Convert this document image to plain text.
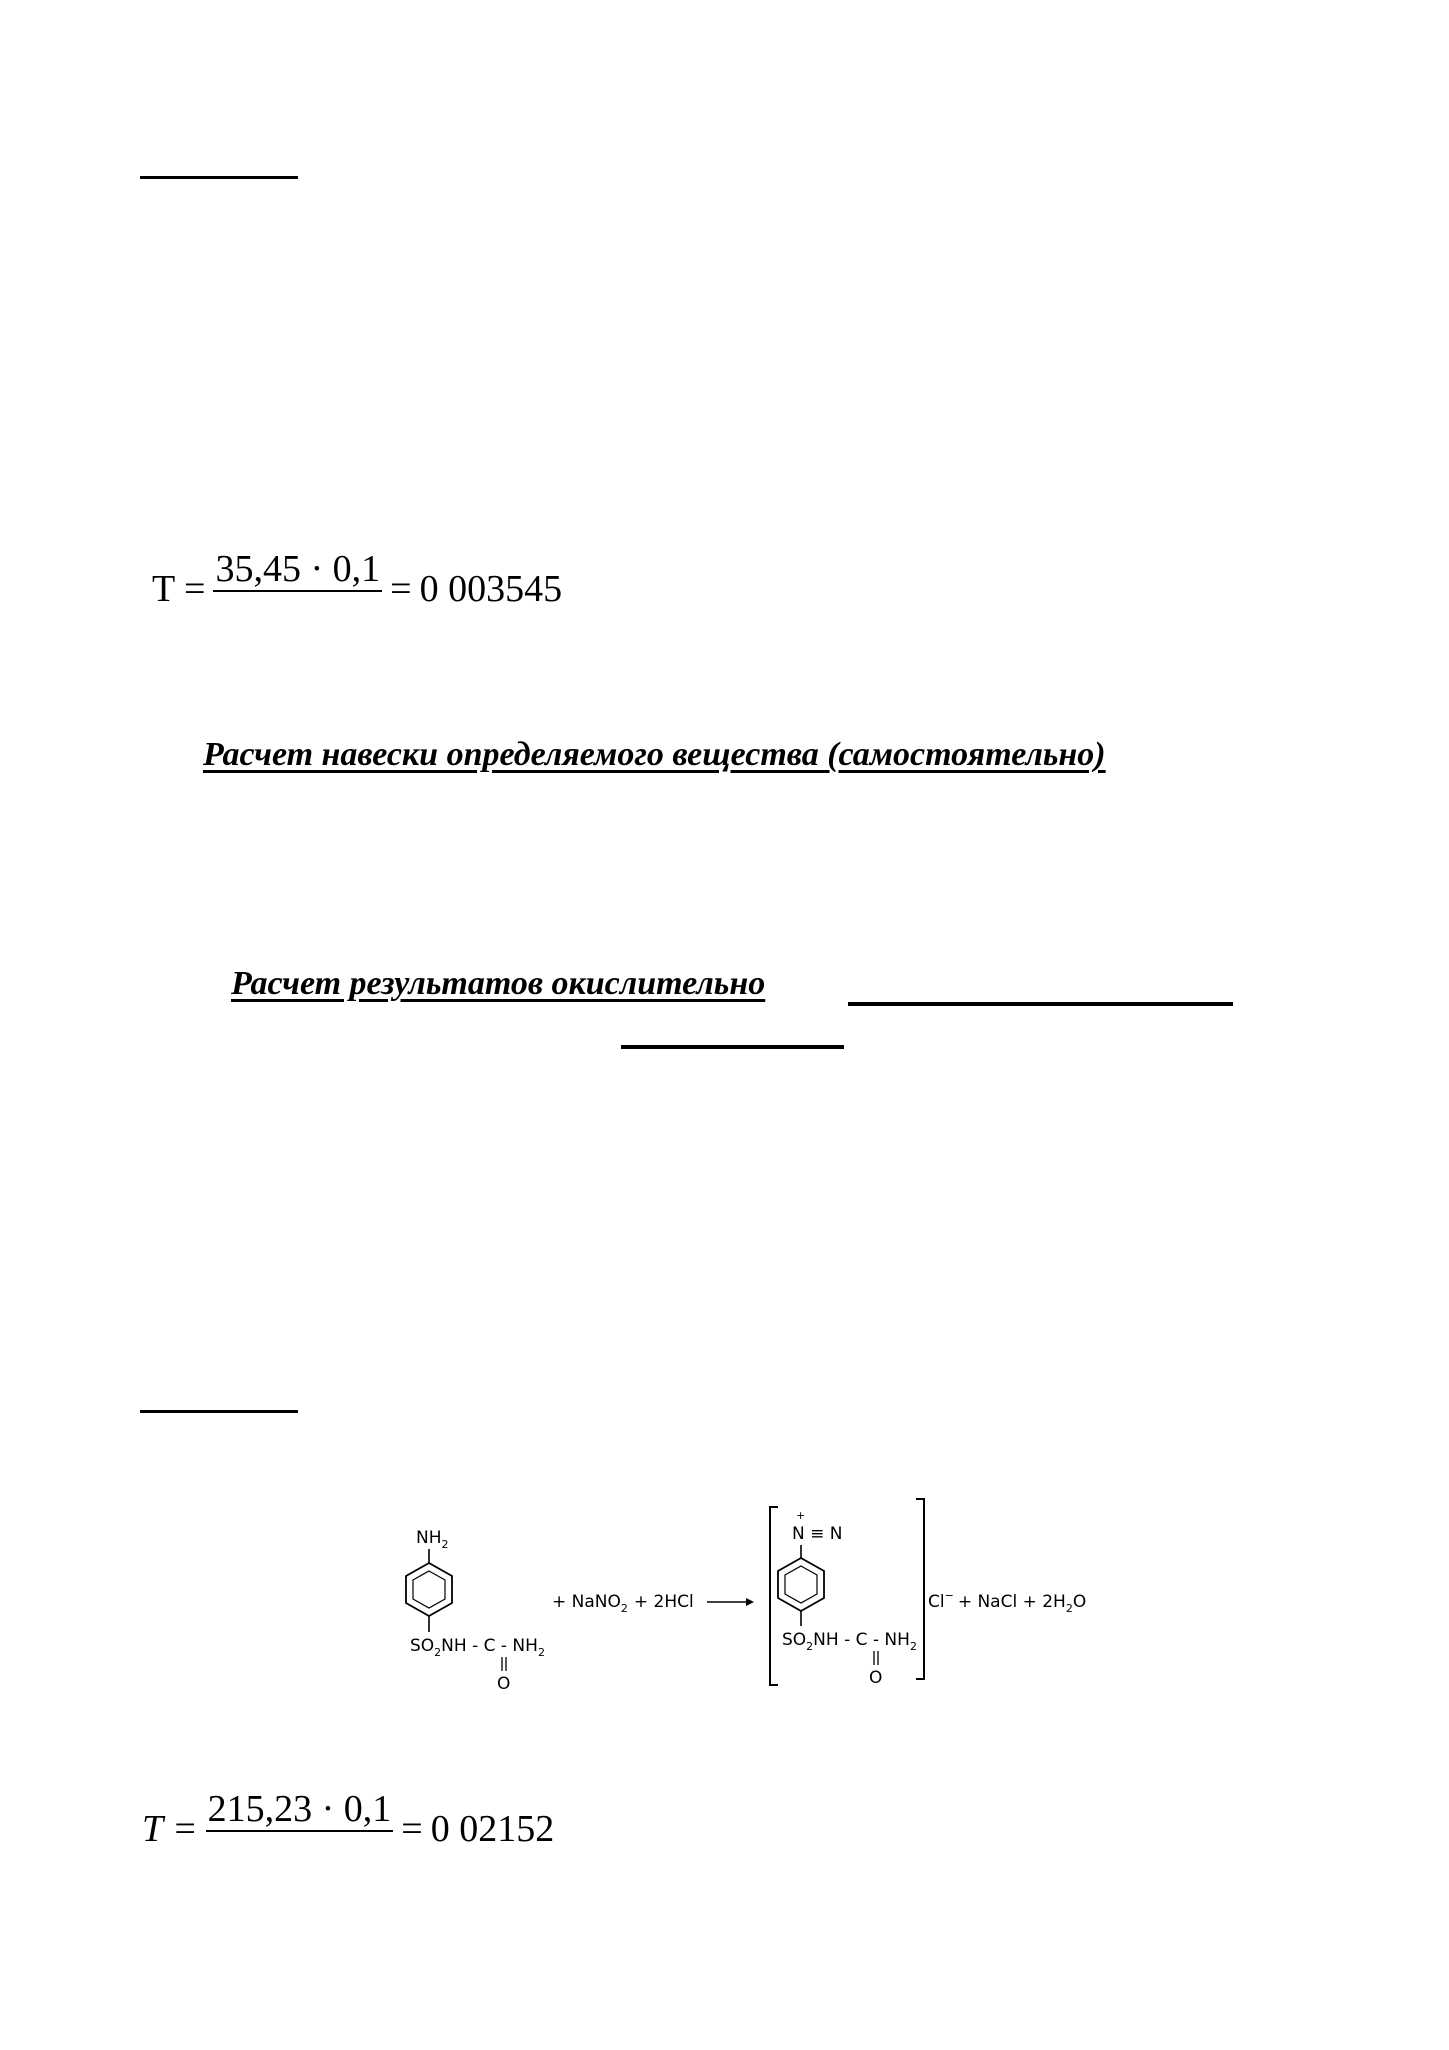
T = 35,45 · 0,1 = 0 003545
Расчет навески определяемого вещества (самостоятельно)
Расчет результатов окислительно
$NH_2$
$SO_2NH$ - C - $NH_2$
O
+ NaNO$_2$ + 2HCl
+
N ≡ N
$SO_2NH$ - C - $NH_2$
O
Cl− + NaCl + $2H_2O$
T = 215,23 · 0,1 = 0 02152
